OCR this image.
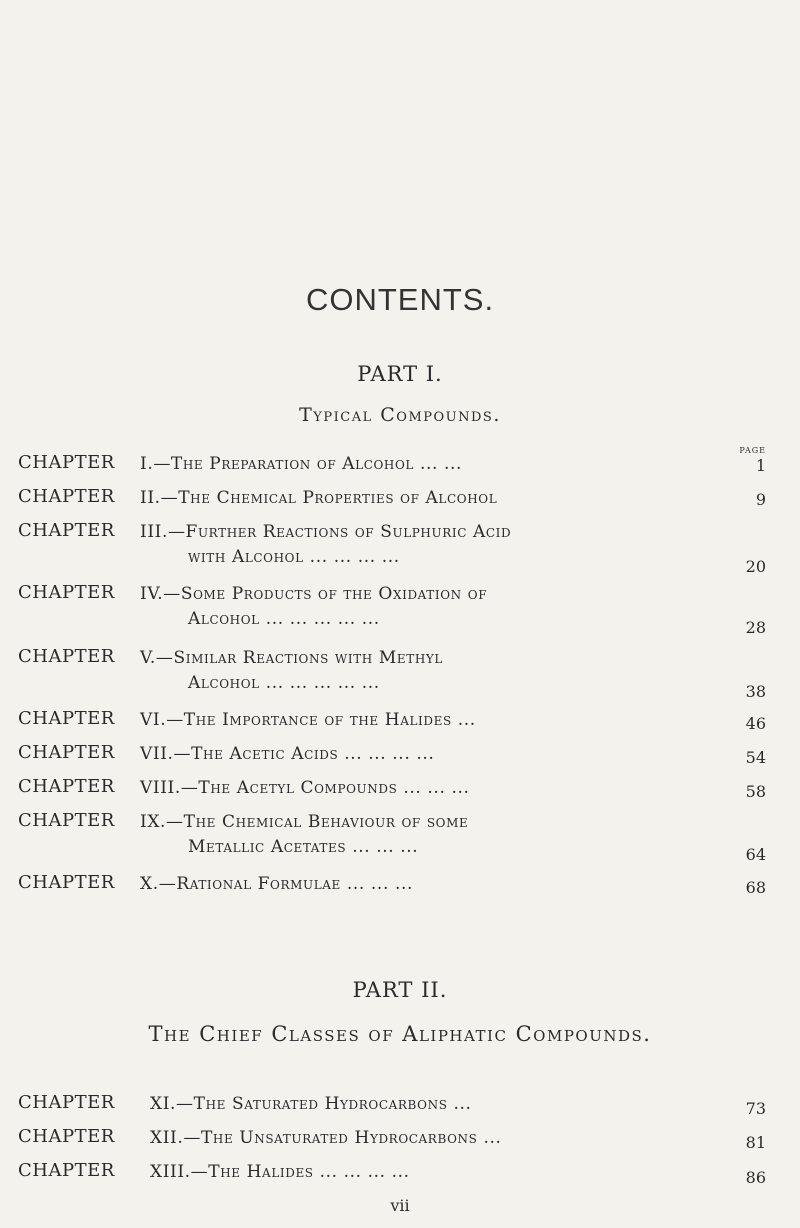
CONTENTS.
PART I.
Typical Compounds.
PAGE
CHAPTER I.—The Preparation of Alcohol ... ...	1
CHAPTER II.—The Chemical Properties of Alcohol	9
CHAPTER III.—Further Reactions of Sulphuric Acid
with Alcohol ... ... ... ...	20
CHAPTER IV.—Some Products of the Oxidation of
Alcohol ... ... ... ... ...	28
CHAPTER V.—Similar Reactions with Methyl
Alcohol ... ... ... ... ...	38
CHAPTER VI.—The Importance of the Halides ...	46
CHAPTER VII.—The Acetic Acids ... ... ... ...	54
CHAPTER VIII.—The Acetyl Compounds ... ... ...	58
CHAPTER IX.—The Chemical Behaviour of some
Metallic Acetates ... ... ...	64
CHAPTER X.—Rational Formulae ... ... ...	68
PART II.
The Chief Classes of Aliphatic Compounds.
CHAPTER XI.—The Saturated Hydrocarbons ...	73
CHAPTER XII.—The Unsaturated Hydrocarbons ...	81
CHAPTER XIII.—The Halides ... ... ... ...	86
vii
